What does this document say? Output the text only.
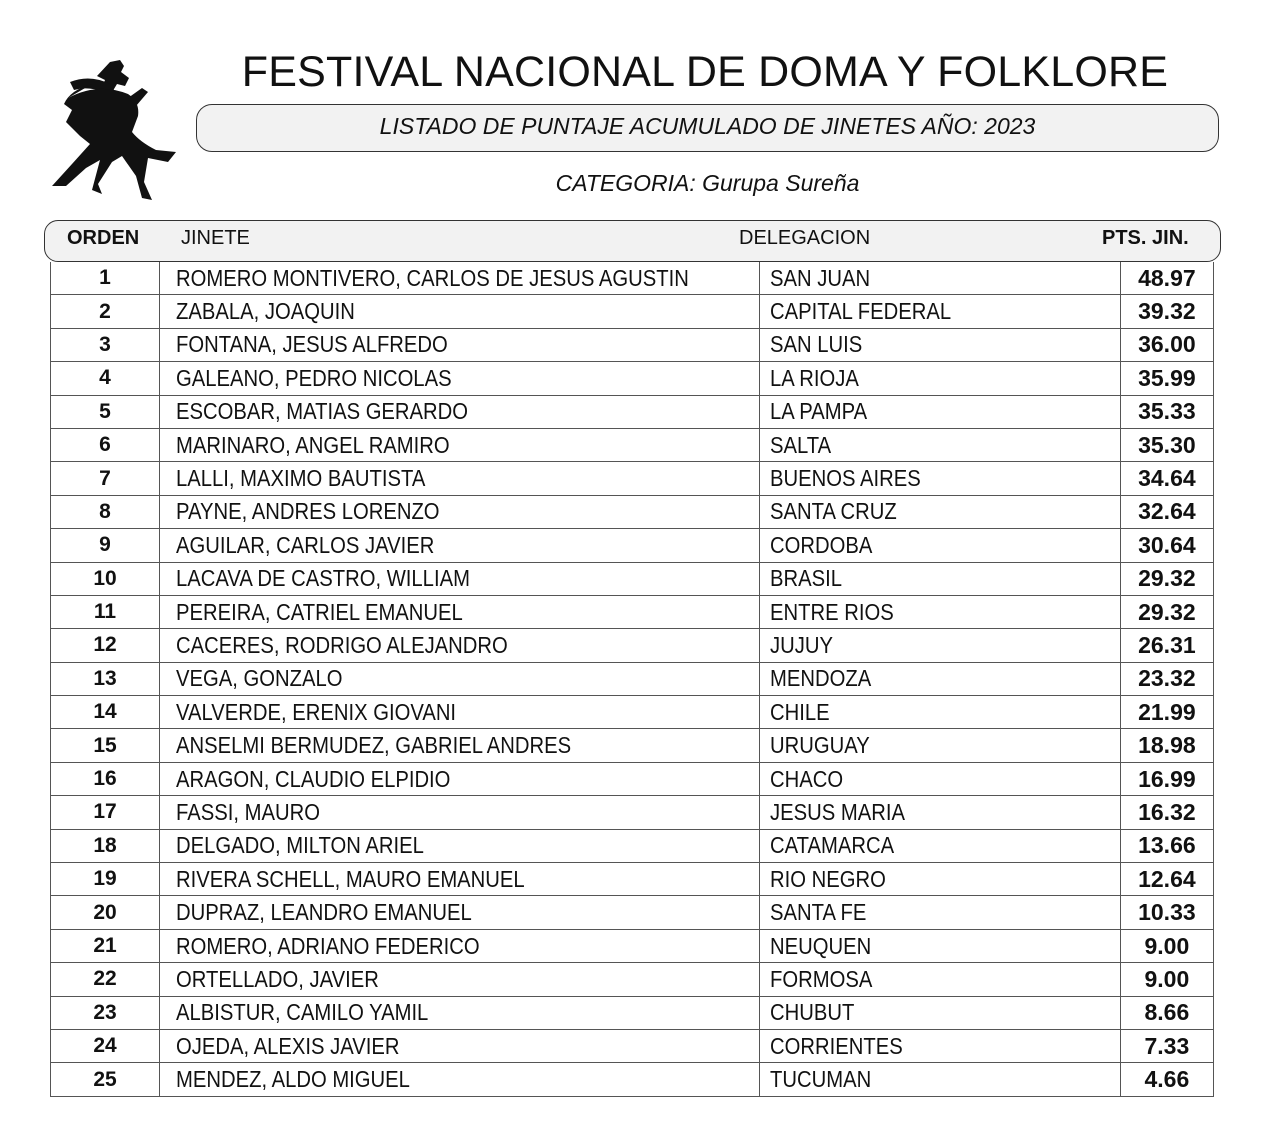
FESTIVAL NACIONAL DE DOMA Y FOLKLORE
LISTADO DE PUNTAJE ACUMULADO DE JINETES AÑO: 2023
CATEGORIA: Gurupa Sureña
ORDEN JINETE	DELEGACION	PTS. JIN.
1	ROMERO MONTIVERO, CARLOS DE JESUS AGUSTIN	SAN JUAN	48.97
2	ZABALA, JOAQUIN	CAPITAL FEDERAL	39.32
3	FONTANA, JESUS ALFREDO	SAN LUIS	36.00
4	GALEANO, PEDRO NICOLAS	LA RIOJA	35.99
5	ESCOBAR, MATIAS GERARDO	LA PAMPA	35.33
6	MARINARO, ANGEL RAMIRO	SALTA	35.30
7	LALLI, MAXIMO BAUTISTA	BUENOS AIRES	34.64
8	PAYNE, ANDRES LORENZO	SANTA CRUZ	32.64
9	AGUILAR, CARLOS JAVIER	CORDOBA	30.64
10	LACAVA DE CASTRO, WILLIAM	BRASIL	29.32
11	PEREIRA, CATRIEL EMANUEL	ENTRE RIOS	29.32
12	CACERES, RODRIGO ALEJANDRO	JUJUY	26.31
13	VEGA, GONZALO	MENDOZA	23.32
14	VALVERDE, ERENIX GIOVANI	CHILE	21.99
15	ANSELMI BERMUDEZ, GABRIEL ANDRES	URUGUAY	18.98
16	ARAGON, CLAUDIO ELPIDIO	CHACO	16.99
17	FASSI, MAURO	JESUS MARIA	16.32
18	DELGADO, MILTON ARIEL	CATAMARCA	13.66
19	RIVERA SCHELL, MAURO EMANUEL	RIO NEGRO	12.64
20	DUPRAZ, LEANDRO EMANUEL	SANTA FE	10.33
21	ROMERO, ADRIANO FEDERICO	NEUQUEN	9.00
22	ORTELLADO, JAVIER	FORMOSA	9.00
23	ALBISTUR, CAMILO YAMIL	CHUBUT	8.66
24	OJEDA, ALEXIS JAVIER	CORRIENTES	7.33
25	MENDEZ, ALDO MIGUEL	TUCUMAN	4.66
